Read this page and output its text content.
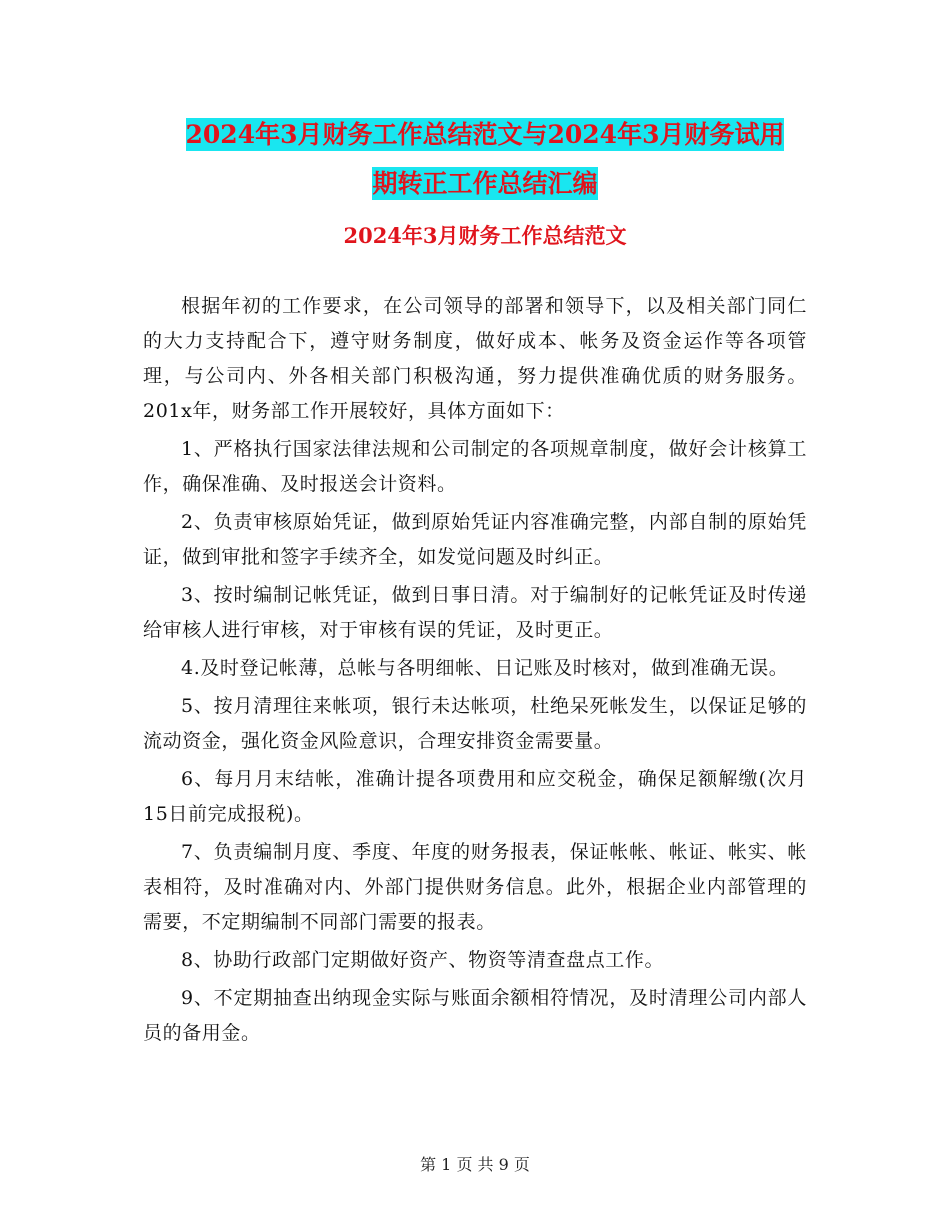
2024年3月财务工作总结范文与2024年3月财务试用
期转正工作总结汇编
2024年3月财务工作总结范文

根据年初的工作要求，在公司领导的部署和领导下，以及相关部门同仁的大力支持配合下，遵守财务制度，做好成本、帐务及资金运作等各项管理，与公司内、外各相关部门积极沟通，努力提供准确优质的财务服务。201x年，财务部工作开展较好，具体方面如下：

1、严格执行国家法律法规和公司制定的各项规章制度，做好会计核算工作，确保准确、及时报送会计资料。

2、负责审核原始凭证，做到原始凭证内容准确完整，内部自制的原始凭证，做到审批和签字手续齐全，如发觉问题及时纠正。

3、按时编制记帐凭证，做到日事日清。对于编制好的记帐凭证及时传递给审核人进行审核，对于审核有误的凭证，及时更正。

4.及时登记帐薄，总帐与各明细帐、日记账及时核对，做到准确无误。

5、按月清理往来帐项，银行未达帐项，杜绝呆死帐发生，以保证足够的流动资金，强化资金风险意识，合理安排资金需要量。

6、每月月末结帐，准确计提各项费用和应交税金，确保足额解缴(次月15日前完成报税)。

7、负责编制月度、季度、年度的财务报表，保证帐帐、帐证、帐实、帐表相符，及时准确对内、外部门提供财务信息。此外，根据企业内部管理的需要，不定期编制不同部门需要的报表。

8、协助行政部门定期做好资产、物资等清查盘点工作。

9、不定期抽查出纳现金实际与账面余额相符情况，及时清理公司内部人员的备用金。

第 1 页 共 9 页
